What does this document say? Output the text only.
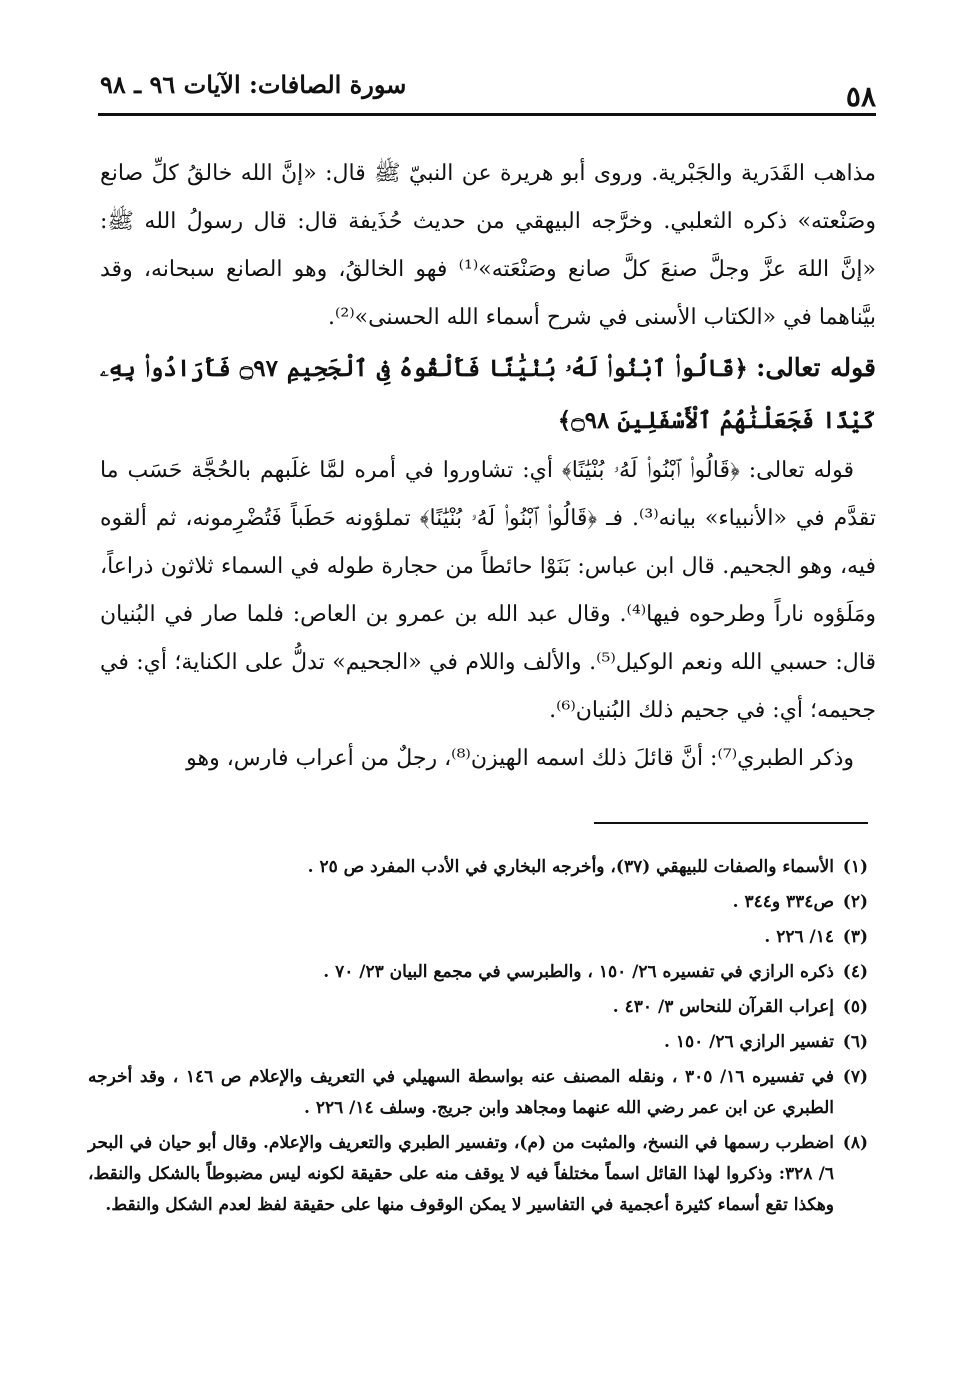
٥٨
سورة الصافات: الآيات ٩٦ ـ ٩٨

مذاهب القَدَرية والجَبْرية. وروى أبو هريرة عن النبيّ ﷺ قال: «إنَّ الله خالقُ كلِّ صانع وصَنْعته» ذكره الثعلبي. وخرَّجه البيهقي من حديث حُذَيفة قال: قال رسولُ الله ﷺ: «إنَّ اللهَ عزَّ وجلَّ صنعَ كلَّ صانع وصَنْعَته»⁽¹⁾ فهو الخالقُ، وهو الصانع سبحانه، وقد بيَّناهما في «الكتاب الأسنى في شرح أسماء الله الحسنى»⁽²⁾.

قوله تعالى: ﴿قَالُوا۟ ٱبْنُوا۟ لَهُۥ بُنْيَٰنًا فَأَلْقُوهُ فِى ٱلْجَحِيمِ ۝٩٧ فَأَرَادُوا۟ بِهِۦ كَيْدًا فَجَعَلْنَٰهُمُ ٱلْأَسْفَلِينَ ۝٩٨﴾

قوله تعالى: ﴿قَالُوا۟ ٱبْنُوا۟ لَهُۥ بُنْيَٰنًا﴾ أي: تشاوروا في أمره لمَّا غلَبهم بالحُجَّة حَسَب ما تقدَّم في «الأنبياء» بيانه⁽³⁾. فـ ﴿قَالُوا۟ ٱبْنُوا۟ لَهُۥ بُنْيَٰنًا﴾ تملؤونه حَطَباً فَتُضْرِمونه، ثم ألقوه فيه، وهو الجحيم. قال ابن عباس: بَنَوْا حائطاً من حجارة طوله في السماء ثلاثون ذراعاً، ومَلَؤوه ناراً وطرحوه فيها⁽⁴⁾. وقال عبد الله بن عمرو بن العاص: فلما صار في البُنيان قال: حسبي الله ونعم الوكيل⁽⁵⁾. والألف واللام في «الجحيم» تدلُّ على الكناية؛ أي: في جحيمه؛ أي: في جحيم ذلك البُنيان⁽⁶⁾.

وذكر الطبري⁽⁷⁾: أنَّ قائلَ ذلك اسمه الهيزن⁽⁸⁾، رجلٌ من أعراب فارس، وهو

(١)
الأسماء والصفات للبيهقي (٣٧)، وأخرجه البخاري في الأدب المفرد ص ٢٥ .

(٢)
ص٣٣٤ و٣٤٤ .

(٣)
١٤/ ٢٢٦ .

(٤)
ذكره الرازي في تفسيره ٢٦/ ١٥٠ ، والطبرسي في مجمع البيان ٢٣/ ٧٠ .

(٥)
إعراب القرآن للنحاس ٣/ ٤٣٠ .

(٦)
تفسير الرازي ٢٦/ ١٥٠ .

(٧)
في تفسيره ١٦/ ٣٠٥ ، ونقله المصنف عنه بواسطة السهيلي في التعريف والإعلام ص ١٤٦ ، وقد أخرجه الطبري عن ابن عمر رضي الله عنهما ومجاهد وابن جريج. وسلف ١٤/ ٢٢٦ .

(٨)
اضطرب رسمها في النسخ، والمثبت من (م)، وتفسير الطبري والتعريف والإعلام. وقال أبو حيان في البحر ٦/ ٣٢٨: وذكروا لهذا القائل اسماً مختلفاً فيه لا يوقف منه على حقيقة لكونه ليس مضبوطاً بالشكل والنقط، وهكذا تقع أسماء كثيرة أعجمية في التفاسير لا يمكن الوقوف منها على حقيقة لفظ لعدم الشكل والنقط.
